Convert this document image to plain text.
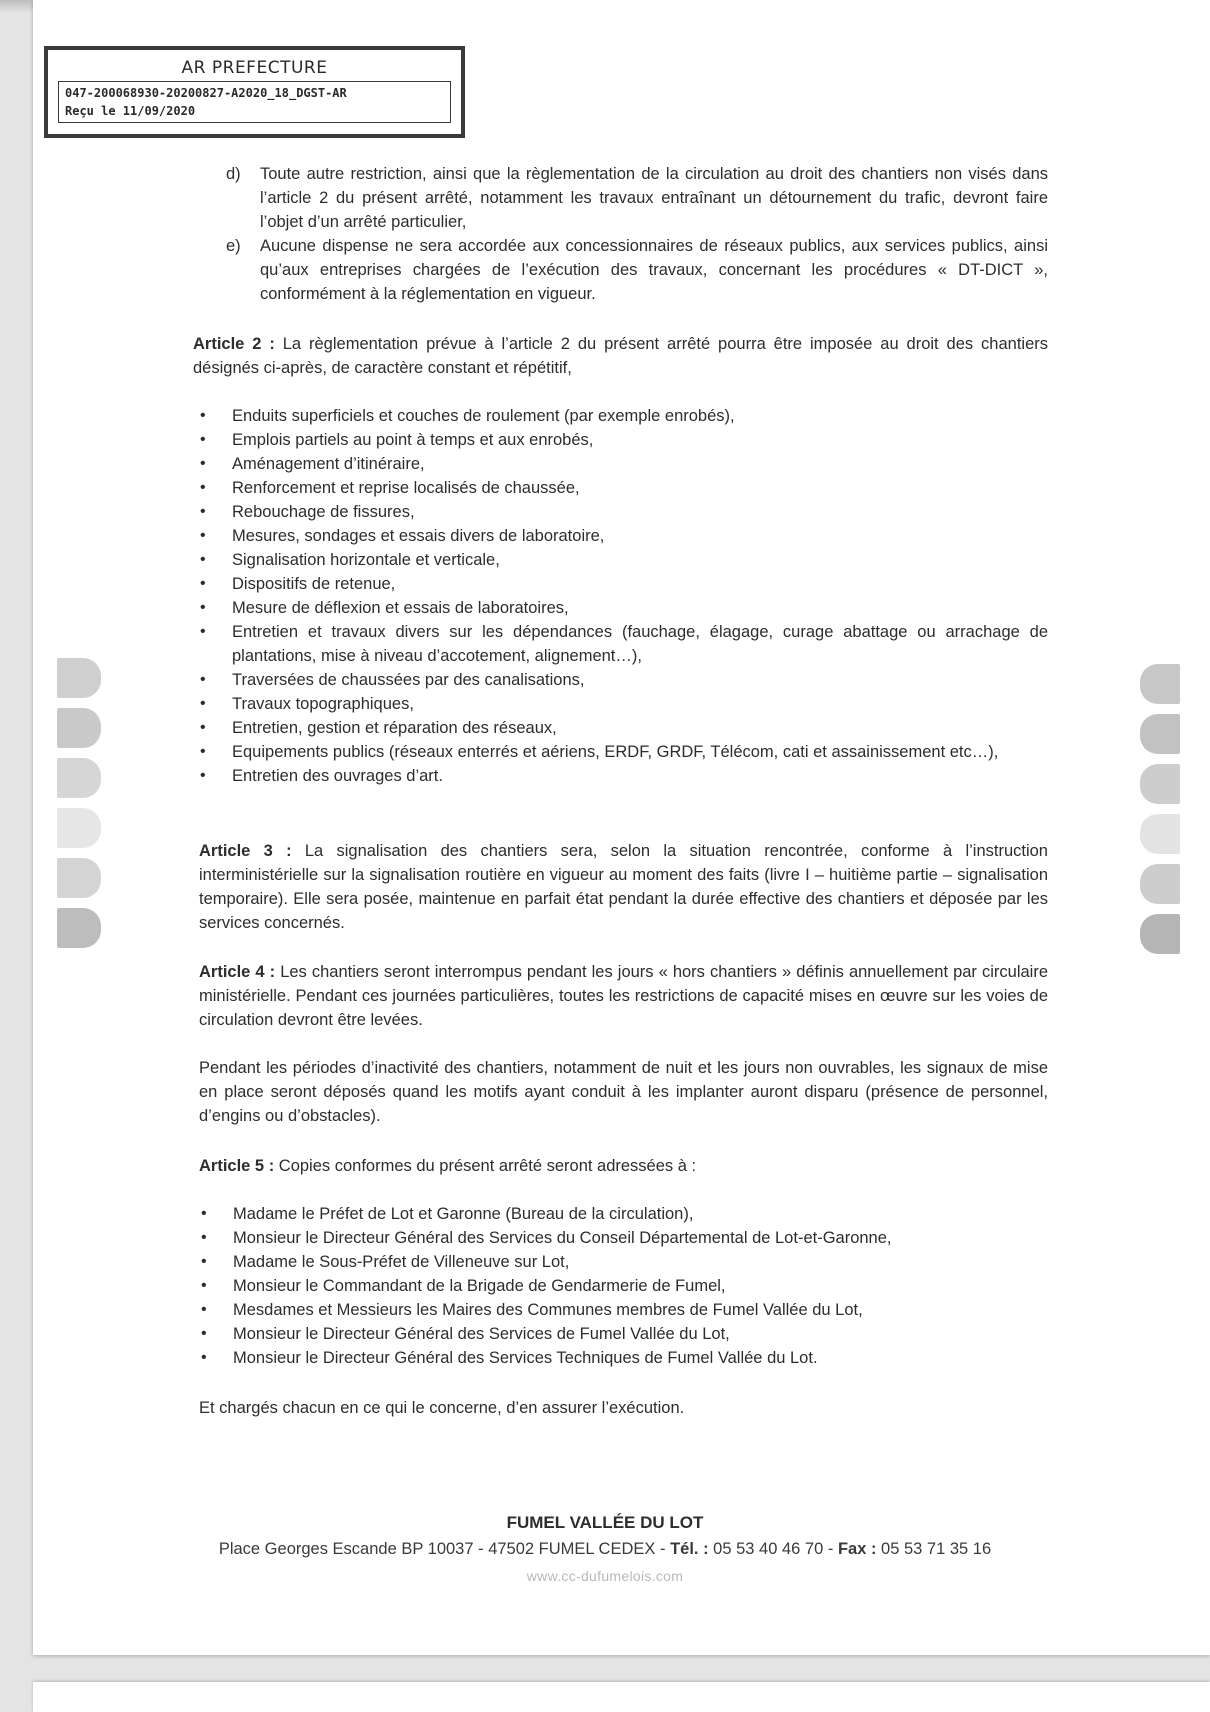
AR PREFECTURE
047-200068930-20200827-A2020_18_DGST-AR
Reçu le 11/09/2020
d) Toute autre restriction, ainsi que la règlementation de la circulation au droit des chantiers non visés dans l’article 2 du présent arrêté, notamment les travaux entraînant un détournement du trafic, devront faire l’objet d’un arrêté particulier,
e) Aucune dispense ne sera accordée aux concessionnaires de réseaux publics, aux services publics, ainsi qu’aux entreprises chargées de l’exécution des travaux, concernant les procédures « DT-DICT », conformément à la réglementation en vigueur.
Article 2 : La règlementation prévue à l’article 2 du présent arrêté pourra être imposée au droit des chantiers désignés ci-après, de caractère constant et répétitif,
• Enduits superficiels et couches de roulement (par exemple enrobés),
• Emplois partiels au point à temps et aux enrobés,
• Aménagement d’itinéraire,
• Renforcement et reprise localisés de chaussée,
• Rebouchage de fissures,
• Mesures, sondages et essais divers de laboratoire,
• Signalisation horizontale et verticale,
• Dispositifs de retenue,
• Mesure de déflexion et essais de laboratoires,
• Entretien et travaux divers sur les dépendances (fauchage, élagage, curage abattage ou arrachage de plantations, mise à niveau d’accotement, alignement…),
• Traversées de chaussées par des canalisations,
• Travaux topographiques,
• Entretien, gestion et réparation des réseaux,
• Equipements publics (réseaux enterrés et aériens, ERDF, GRDF, Télécom, cati et assainissement etc…),
• Entretien des ouvrages d’art.
Article 3 : La signalisation des chantiers sera, selon la situation rencontrée, conforme à l’instruction interministérielle sur la signalisation routière en vigueur au moment des faits (livre I – huitième partie – signalisation temporaire). Elle sera posée, maintenue en parfait état pendant la durée effective des chantiers et déposée par les services concernés.
Article 4 : Les chantiers seront interrompus pendant les jours « hors chantiers » définis annuellement par circulaire ministérielle. Pendant ces journées particulières, toutes les restrictions de capacité mises en œuvre sur les voies de circulation devront être levées.
Pendant les périodes d’inactivité des chantiers, notamment de nuit et les jours non ouvrables, les signaux de mise en place seront déposés quand les motifs ayant conduit à les implanter auront disparu (présence de personnel, d’engins ou d’obstacles).
Article 5 : Copies conformes du présent arrêté seront adressées à :
• Madame le Préfet de Lot et Garonne (Bureau de la circulation),
• Monsieur le Directeur Général des Services du Conseil Départemental de Lot-et-Garonne,
• Madame le Sous-Préfet de Villeneuve sur Lot,
• Monsieur le Commandant de la Brigade de Gendarmerie de Fumel,
• Mesdames et Messieurs les Maires des Communes membres de Fumel Vallée du Lot,
• Monsieur le Directeur Général des Services de Fumel Vallée du Lot,
• Monsieur le Directeur Général des Services Techniques de Fumel Vallée du Lot.
Et chargés chacun en ce qui le concerne, d’en assurer l’exécution.
FUMEL VALLÉE DU LOT
Place Georges Escande BP 10037 - 47502 FUMEL CEDEX - Tél. : 05 53 40 46 70 - Fax : 05 53 71 35 16
www.cc-dufumelois.com
